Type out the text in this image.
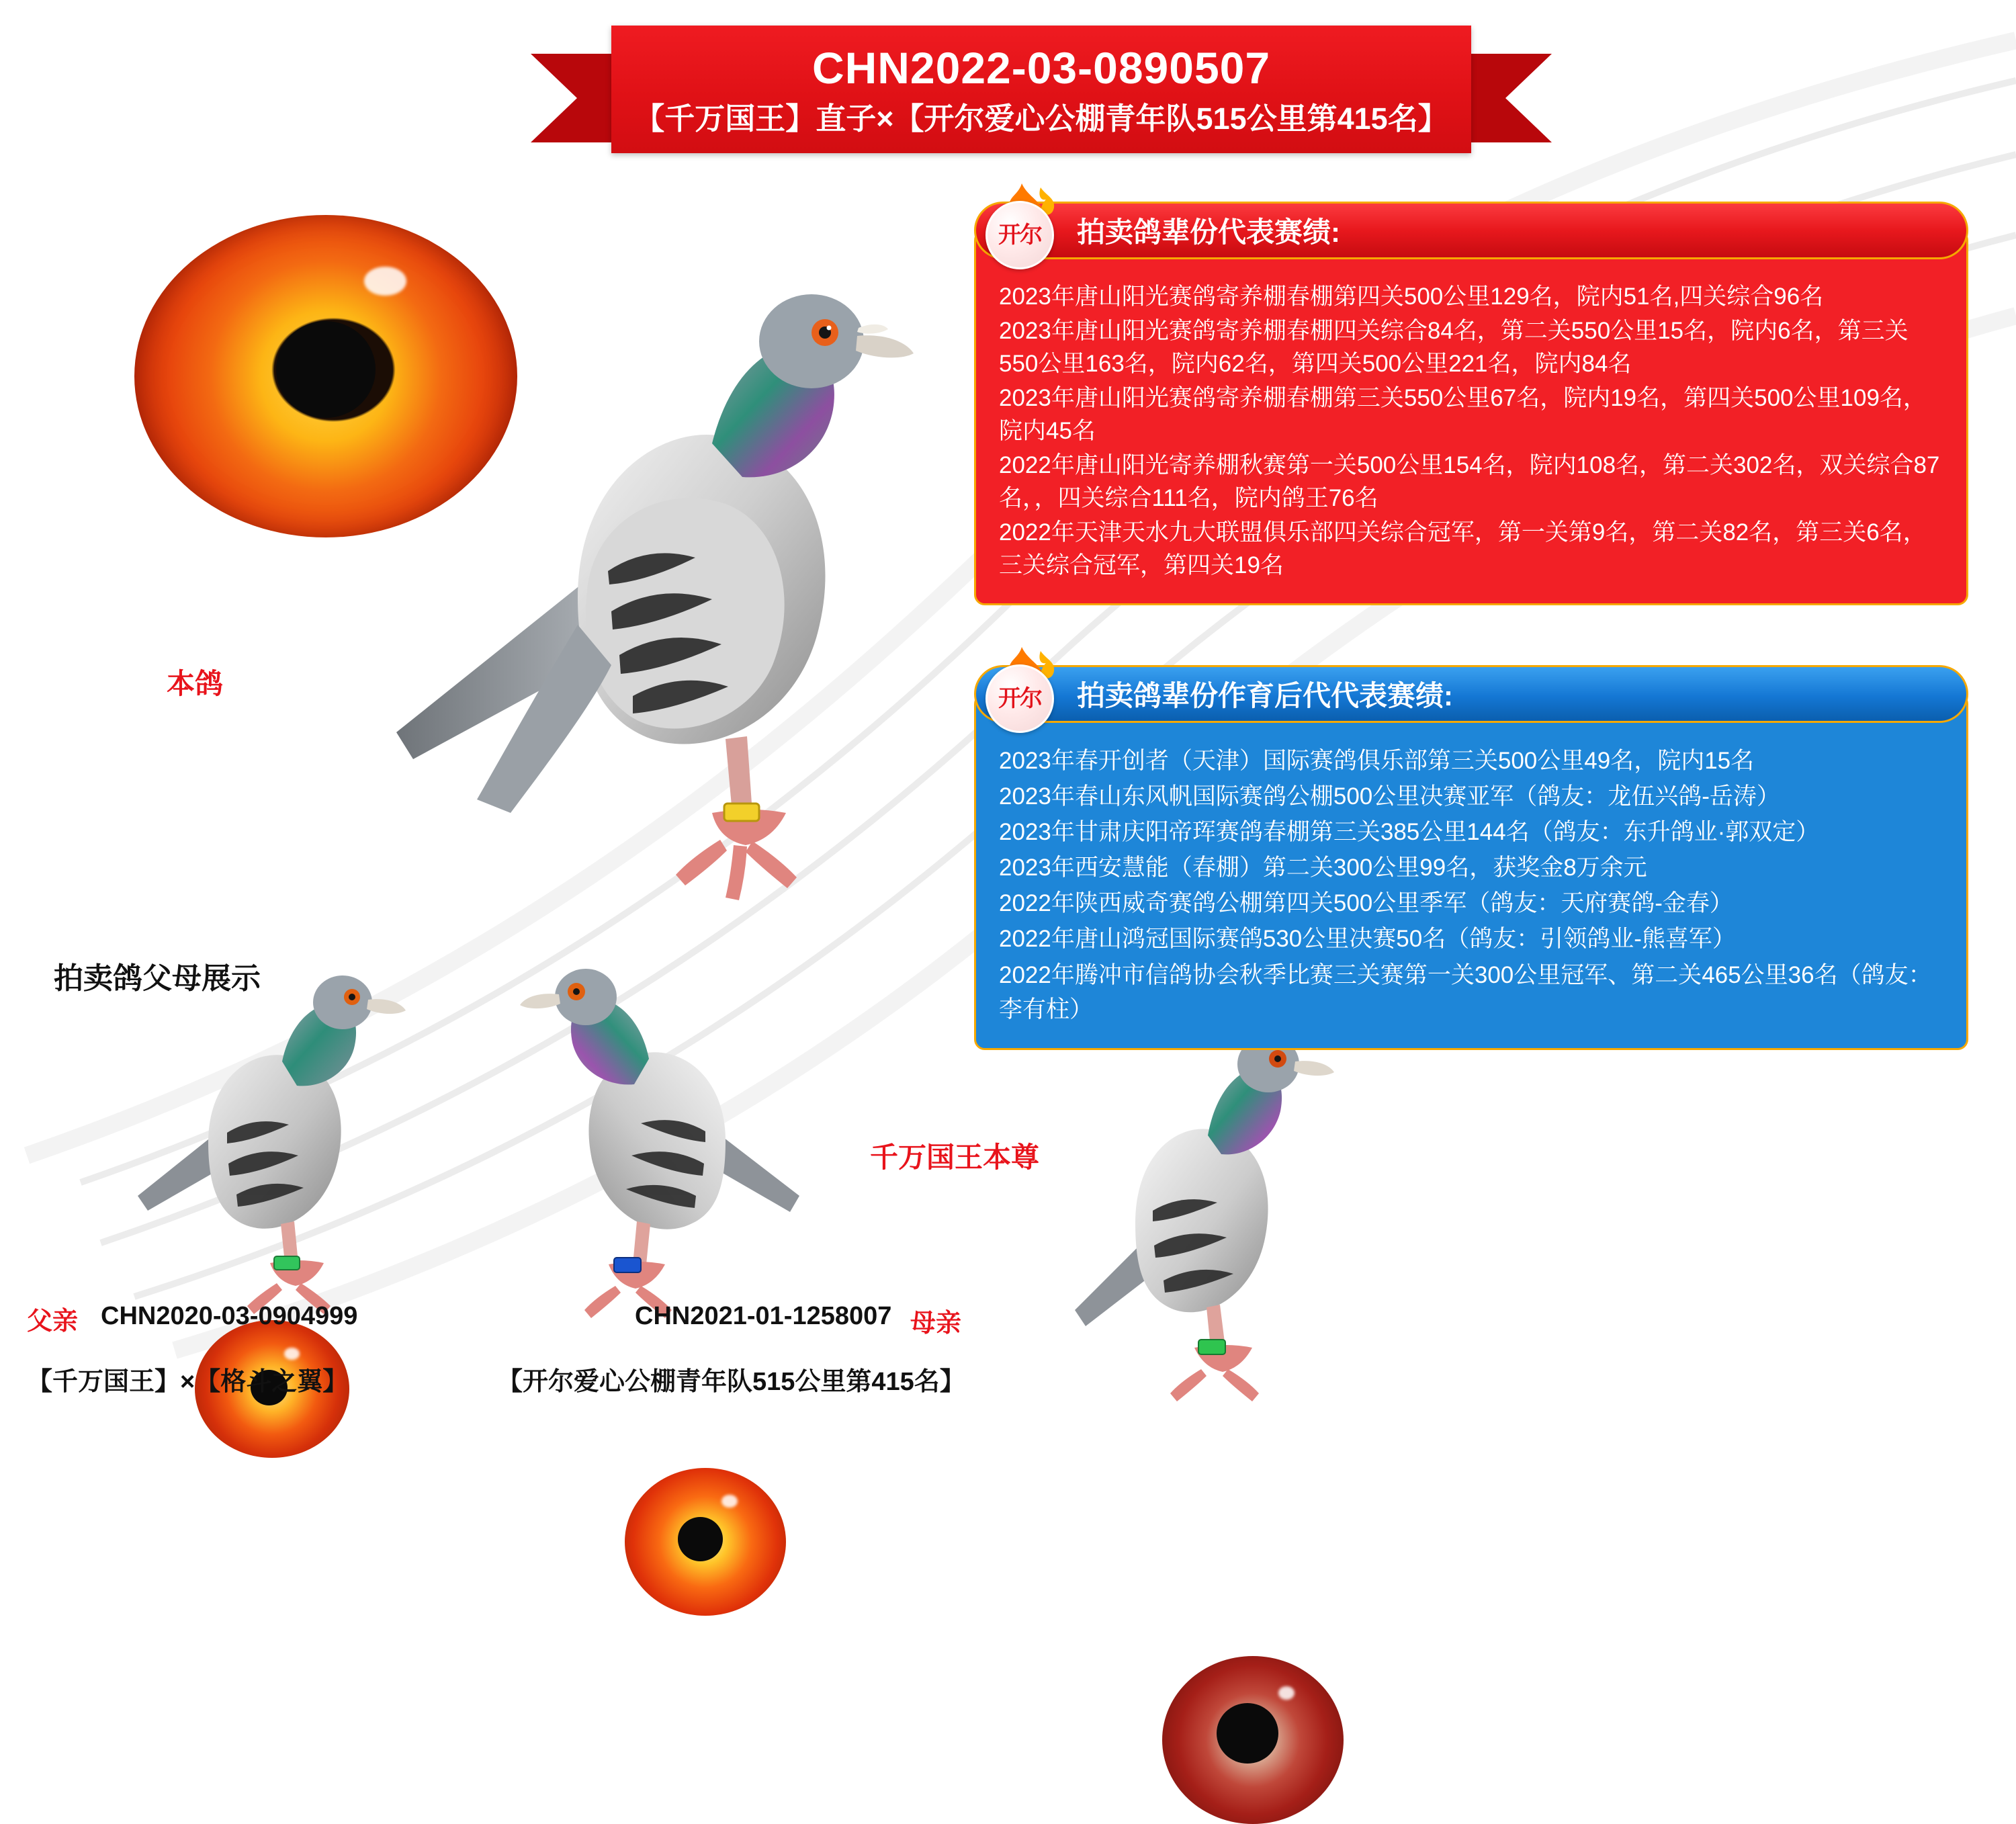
CHN2022-03-0890507
【千万国王】直子×【开尔爱心公棚青年队515公里第415名】
本鸽
开尔	拍卖鸽辈份代表赛绩:
2023年唐山阳光赛鸽寄养棚春棚第四关500公里129名，院内51名,四关综合96名
2023年唐山阳光赛鸽寄养棚春棚四关综合84名，第二关550公里15名，院内6名，第三关550公里163名，院内62名，第四关500公里221名，院内84名
2023年唐山阳光赛鸽寄养棚春棚第三关550公里67名，院内19名，第四关500公里109名，院内45名
2022年唐山阳光寄养棚秋赛第一关500公里154名，院内108名，第二关302名，双关综合87名，，四关综合111名，院内鸽王76名
2022年天津天水九大联盟俱乐部四关综合冠军，第一关第9名，第二关82名，第三关6名，三关综合冠军，第四关19名
开尔	拍卖鸽辈份作育后代代表赛绩:
2023年春开创者（天津）国际赛鸽俱乐部第三关500公里49名，院内15名
2023年春山东风帆国际赛鸽公棚500公里决赛亚军（鸽友：龙伍兴鸽-岳涛）
2023年甘肃庆阳帝珲赛鸽春棚第三关385公里144名（鸽友：东升鸽业·郭双定）
2023年西安慧能（春棚）第二关300公里99名，获奖金8万余元
2022年陕西威奇赛鸽公棚第四关500公里季军（鸽友：天府赛鸽-金春）
2022年唐山鸿冠国际赛鸽530公里决赛50名（鸽友：引领鸽业-熊喜军）
2022年腾冲市信鸽协会秋季比赛三关赛第一关300公里冠军、第二关465公里36名（鸽友：李有柱）
拍卖鸽父母展示
千万国王本尊
父亲 CHN2020-03-0904999
【千万国王】×【格斗之翼】
CHN2021-01-1258007 母亲
【开尔爱心公棚青年队515公里第415名】
